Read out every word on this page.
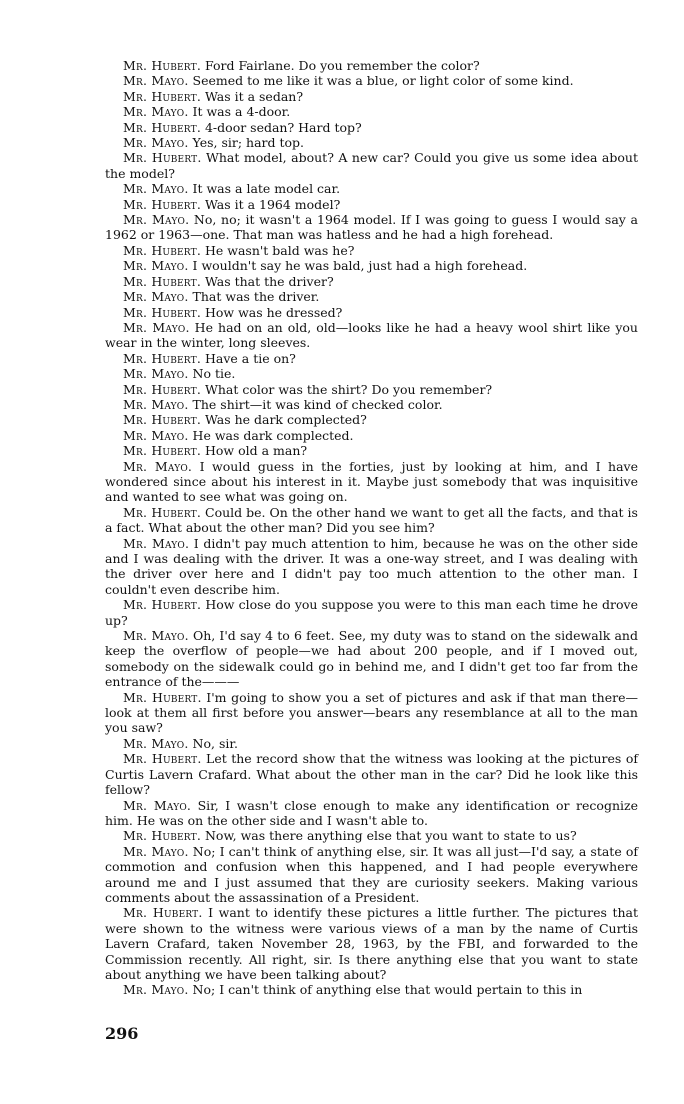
Mr. Hubert. Ford Fairlane. Do you remember the color?

Mr. Mayo. Seemed to me like it was a blue, or light color of some kind.

Mr. Hubert. Was it a sedan?

Mr. Mayo. It was a 4-door.

Mr. Hubert. 4-door sedan? Hard top?

Mr. Mayo. Yes, sir; hard top.

Mr. Hubert. What model, about? A new car? Could you give us some idea about the model?

Mr. Mayo. It was a late model car.

Mr. Hubert. Was it a 1964 model?

Mr. Mayo. No, no; it wasn't a 1964 model. If I was going to guess I would say a 1962 or 1963—one. That man was hatless and he had a high forehead.

Mr. Hubert. He wasn't bald was he?

Mr. Mayo. I wouldn't say he was bald, just had a high forehead.

Mr. Hubert. Was that the driver?

Mr. Mayo. That was the driver.

Mr. Hubert. How was he dressed?

Mr. Mayo. He had on an old, old—looks like he had a heavy wool shirt like you wear in the winter, long sleeves.

Mr. Hubert. Have a tie on?

Mr. Mayo. No tie.

Mr. Hubert. What color was the shirt? Do you remember?

Mr. Mayo. The shirt—it was kind of checked color.

Mr. Hubert. Was he dark complected?

Mr. Mayo. He was dark complected.

Mr. Hubert. How old a man?

Mr. Mayo. I would guess in the forties, just by looking at him, and I have wondered since about his interest in it. Maybe just somebody that was inquisitive and wanted to see what was going on.

Mr. Hubert. Could be. On the other hand we want to get all the facts, and that is a fact. What about the other man? Did you see him?

Mr. Mayo. I didn't pay much attention to him, because he was on the other side and I was dealing with the driver. It was a one-way street, and I was dealing with the driver over here and I didn't pay too much attention to the other man. I couldn't even describe him.

Mr. Hubert. How close do you suppose you were to this man each time he drove up?

Mr. Mayo. Oh, I'd say 4 to 6 feet. See, my duty was to stand on the sidewalk and keep the overflow of people—we had about 200 people, and if I moved out, somebody on the sidewalk could go in behind me, and I didn't get too far from the entrance of the———

Mr. Hubert. I'm going to show you a set of pictures and ask if that man there—look at them all first before you answer—bears any resemblance at all to the man you saw?

Mr. Mayo. No, sir.

Mr. Hubert. Let the record show that the witness was looking at the pictures of Curtis Lavern Crafard. What about the other man in the car? Did he look like this fellow?

Mr. Mayo. Sir, I wasn't close enough to make any identification or recognize him. He was on the other side and I wasn't able to.

Mr. Hubert. Now, was there anything else that you want to state to us?

Mr. Mayo. No; I can't think of anything else, sir. It was all just—I'd say, a state of commotion and confusion when this happened, and I had people everywhere around me and I just assumed that they are curiosity seekers. Making various comments about the assassination of a President.

Mr. Hubert. I want to identify these pictures a little further. The pictures that were shown to the witness were various views of a man by the name of Curtis Lavern Crafard, taken November 28, 1963, by the FBI, and forwarded to the Commission recently. All right, sir. Is there anything else that you want to state about anything we have been talking about?

Mr. Mayo. No; I can't think of anything else that would pertain to this in

296
